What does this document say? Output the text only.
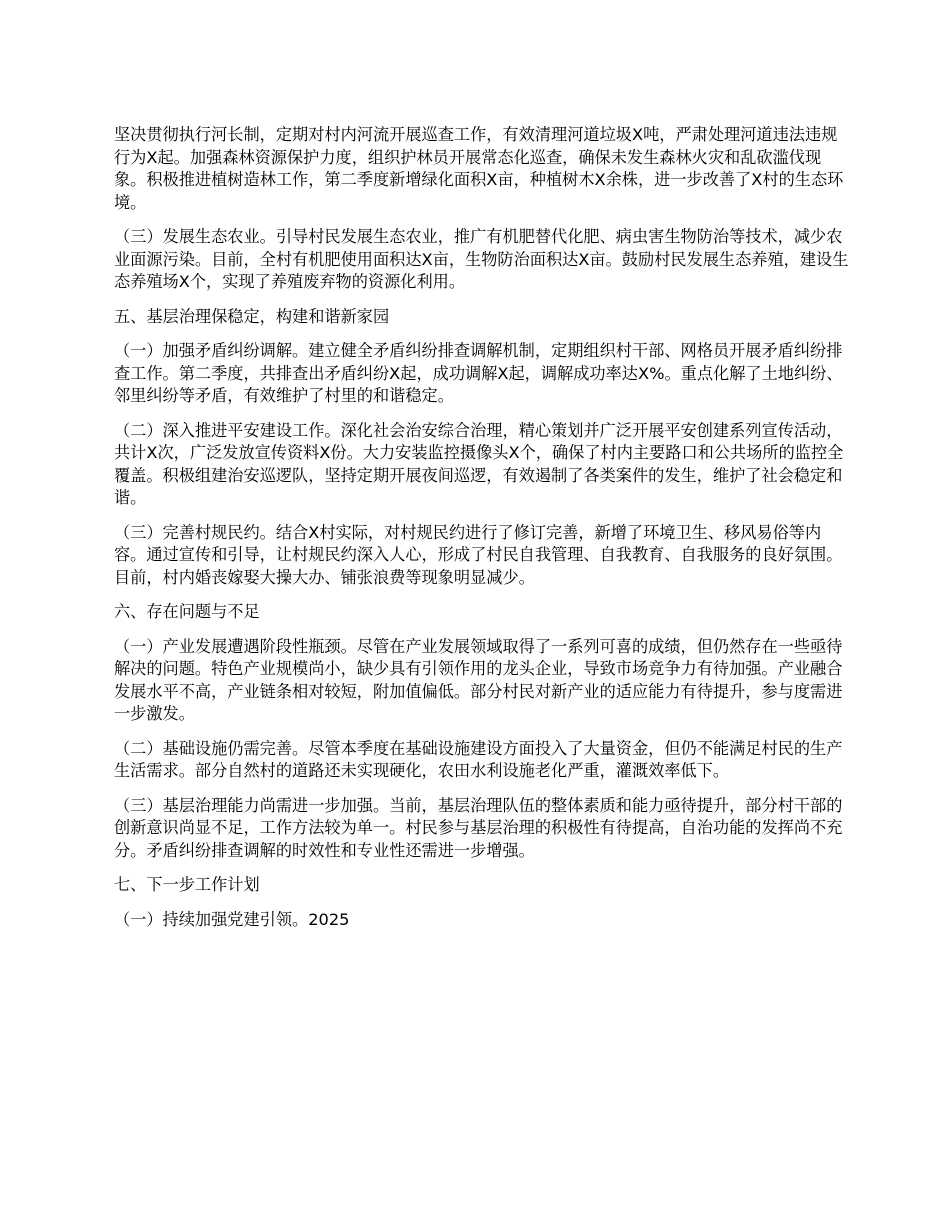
坚决贯彻执行河长制，定期对村内河流开展巡查工作，有效清理河道垃圾X吨，严肃处理河道违法违规行为X起。加强森林资源保护力度，组织护林员开展常态化巡查，确保未发生森林火灾和乱砍滥伐现象。积极推进植树造林工作，第二季度新增绿化面积X亩，种植树木X余株，进一步改善了X村的生态环境。

（三）发展生态农业。引导村民发展生态农业，推广有机肥替代化肥、病虫害生物防治等技术，减少农业面源污染。目前，全村有机肥使用面积达X亩，生物防治面积达X亩。鼓励村民发展生态养殖，建设生态养殖场X个，实现了养殖废弃物的资源化利用。

五、基层治理保稳定，构建和谐新家园

（一）加强矛盾纠纷调解。建立健全矛盾纠纷排查调解机制，定期组织村干部、网格员开展矛盾纠纷排查工作。第二季度，共排查出矛盾纠纷X起，成功调解X起，调解成功率达X%。重点化解了土地纠纷、邻里纠纷等矛盾，有效维护了村里的和谐稳定。

（二）深入推进平安建设工作。深化社会治安综合治理，精心策划并广泛开展平安创建系列宣传活动，共计X次，广泛发放宣传资料X份。大力安装监控摄像头X个，确保了村内主要路口和公共场所的监控全覆盖。积极组建治安巡逻队，坚持定期开展夜间巡逻，有效遏制了各类案件的发生，维护了社会稳定和谐。

（三）完善村规民约。结合X村实际，对村规民约进行了修订完善，新增了环境卫生、移风易俗等内容。通过宣传和引导，让村规民约深入人心，形成了村民自我管理、自我教育、自我服务的良好氛围。目前，村内婚丧嫁娶大操大办、铺张浪费等现象明显减少。

六、存在问题与不足

（一）产业发展遭遇阶段性瓶颈。尽管在产业发展领域取得了一系列可喜的成绩，但仍然存在一些亟待解决的问题。特色产业规模尚小，缺少具有引领作用的龙头企业，导致市场竞争力有待加强。产业融合发展水平不高，产业链条相对较短，附加值偏低。部分村民对新产业的适应能力有待提升，参与度需进一步激发。

（二）基础设施仍需完善。尽管本季度在基础设施建设方面投入了大量资金，但仍不能满足村民的生产生活需求。部分自然村的道路还未实现硬化，农田水利设施老化严重，灌溉效率低下。

（三）基层治理能力尚需进一步加强。当前，基层治理队伍的整体素质和能力亟待提升，部分村干部的创新意识尚显不足，工作方法较为单一。村民参与基层治理的积极性有待提高，自治功能的发挥尚不充分。矛盾纠纷排查调解的时效性和专业性还需进一步增强。

七、下一步工作计划

（一）持续加强党建引领。2025
